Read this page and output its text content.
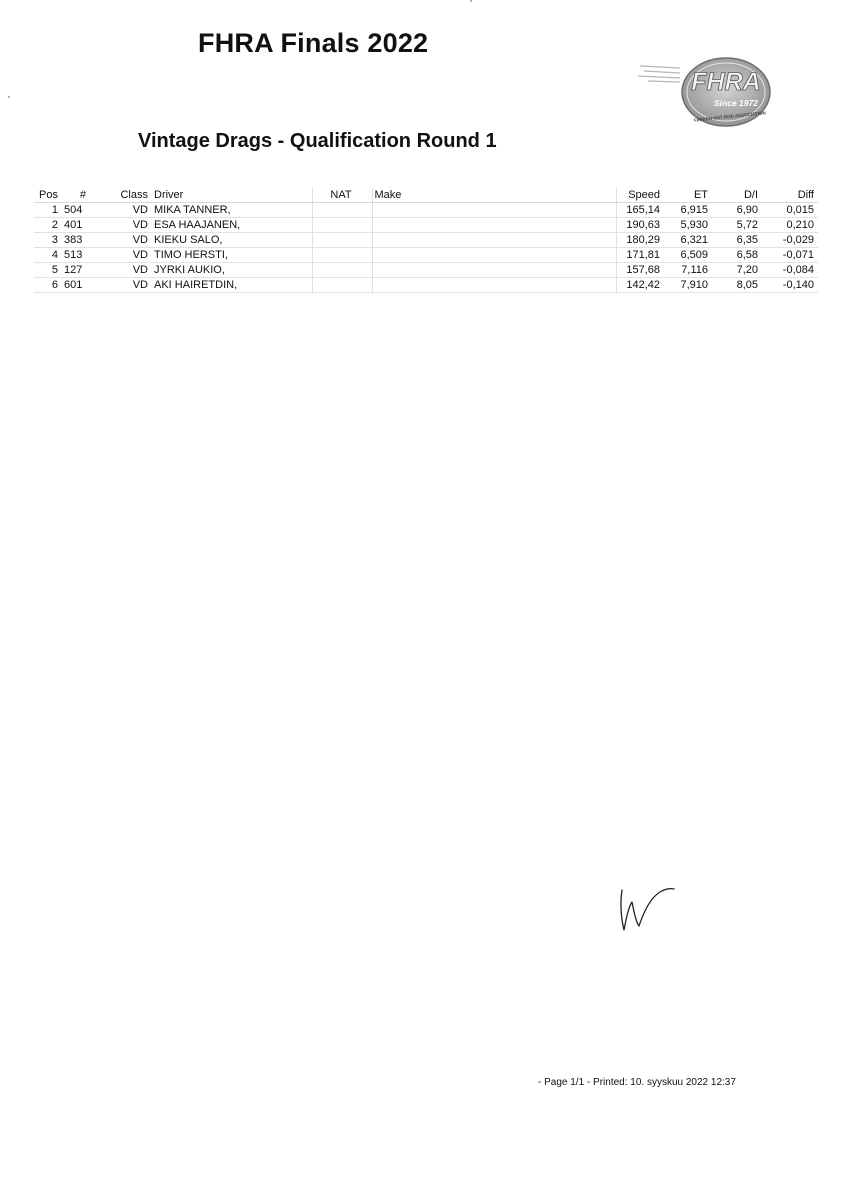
FHRA Finals 2022
FHRA
Since 1972
FINNISH HOT ROD ASSOCIATION
Vintage Drags - Qualification Round 1
Pos	#	Class	Driver	NAT	Make	Speed	ET	D/I	Diff
1	504	VD	MIKA TANNER,			165,14	6,915	6,90	0,015
2	401	VD	ESA HAAJANEN,			190,63	5,930	5,72	0,210
3	383	VD	KIEKU SALO,			180,29	6,321	6,35	-0,029
4	513	VD	TIMO HERSTI,			171,81	6,509	6,58	-0,071
5	127	VD	JYRKI AUKIO,			157,68	7,116	7,20	-0,084
6	601	VD	AKI HAIRETDIN,			142,42	7,910	8,05	-0,140
- Page 1/1 - Printed: 10. syyskuu 2022 12:37
